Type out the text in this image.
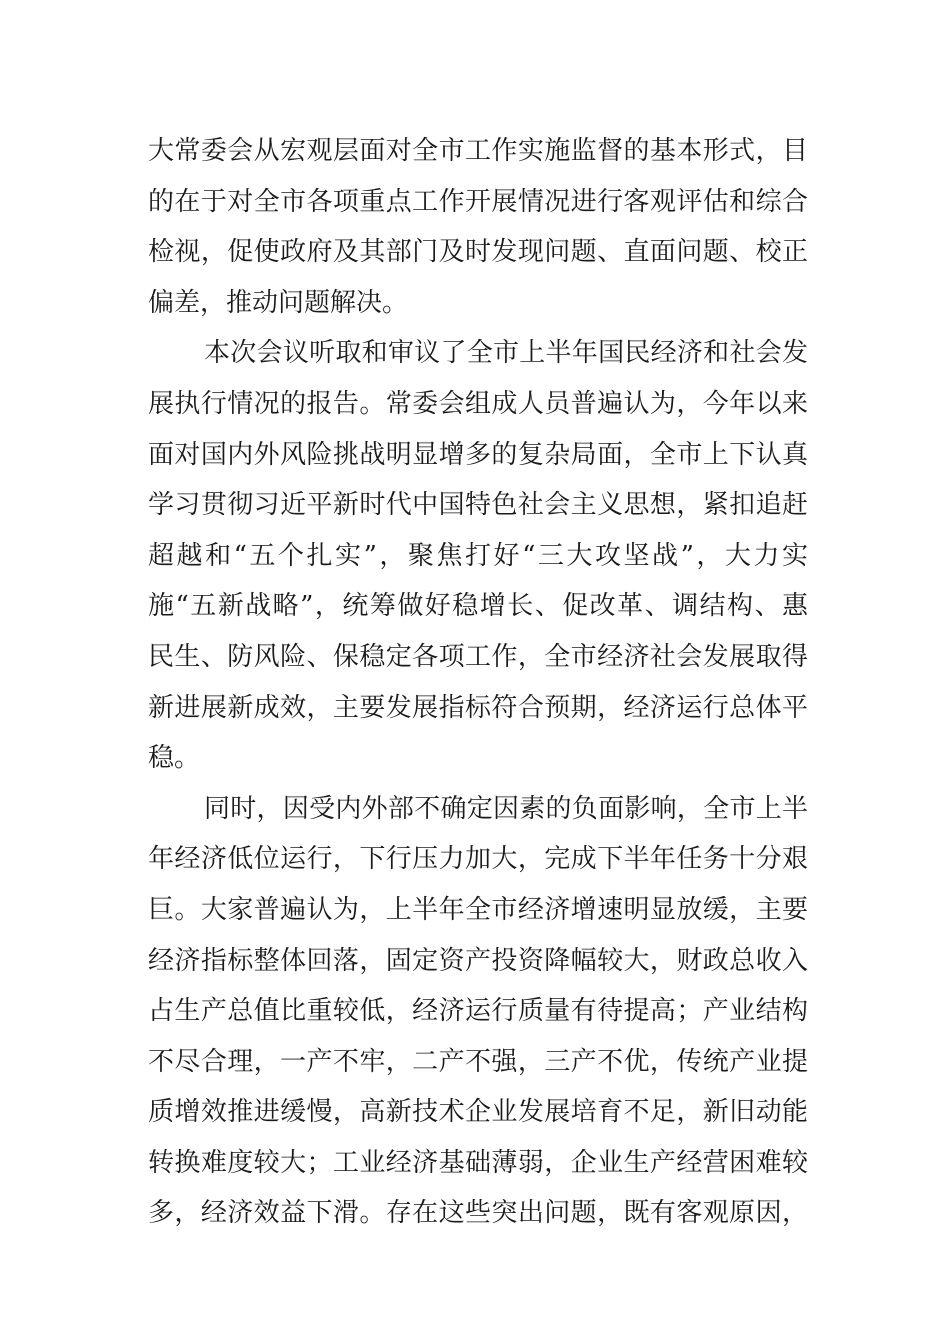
大常委会从宏观层面对全市工作实施监督的基本形式，目
的在于对全市各项重点工作开展情况进行客观评估和综合
检视，促使政府及其部门及时发现问题、直面问题、校正
偏差，推动问题解决。
本次会议听取和审议了全市上半年国民经济和社会发
展执行情况的报告。常委会组成人员普遍认为，今年以来
面对国内外风险挑战明显增多的复杂局面，全市上下认真
学习贯彻习近平新时代中国特色社会主义思想，紧扣追赶
超越和“五个扎实”，聚焦打好“三大攻坚战”，大力实
施“五新战略”，统筹做好稳增长、促改革、调结构、惠
民生、防风险、保稳定各项工作，全市经济社会发展取得
新进展新成效，主要发展指标符合预期，经济运行总体平
稳。
同时，因受内外部不确定因素的负面影响，全市上半
年经济低位运行，下行压力加大，完成下半年任务十分艰
巨。大家普遍认为，上半年全市经济增速明显放缓，主要
经济指标整体回落，固定资产投资降幅较大，财政总收入
占生产总值比重较低，经济运行质量有待提高；产业结构
不尽合理，一产不牢，二产不强，三产不优，传统产业提
质增效推进缓慢，高新技术企业发展培育不足，新旧动能
转换难度较大；工业经济基础薄弱，企业生产经营困难较
多，经济效益下滑。存在这些突出问题，既有客观原因，
